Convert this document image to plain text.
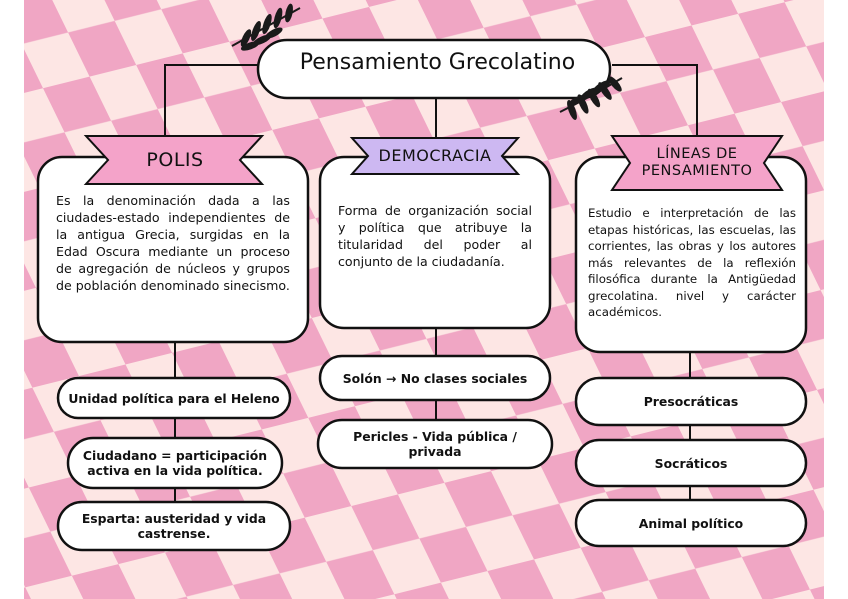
Pensamiento Grecolatino
POLIS	DEMOCRACIA	LÍNEAS DE
PENSAMIENTO
Es la denominación dada a las ciudades-estado independientes de la antigua Grecia, surgidas en la Edad Oscura mediante un proceso de agregación de núcleos y grupos de población denominado sinecismo.
Forma de organización social y política que atribuye la titularidad del poder al conjunto de la ciudadanía.
Estudio e interpretación de las etapas históricas, las escuelas, las corrientes, las obras y los autores más relevantes de la reflexión filosófica durante la Antigüedad grecolatina. nivel y carácter académicos.
Unidad política para el Heleno
Ciudadano = participación activa en la vida política.
Esparta: austeridad y vida castrense.
Solón → No clases sociales
Pericles - Vida pública / privada
Presocráticas
Socráticos
Animal político
